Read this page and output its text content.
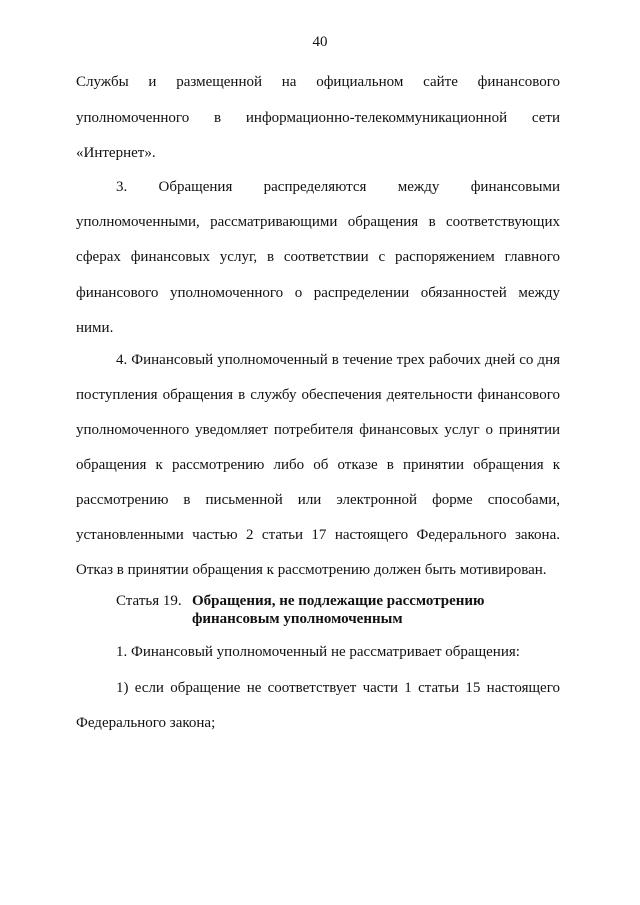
40
Службы и размещенной на официальном сайте финансового
уполномоченного в информационно-телекоммуникационной сети
«Интернет».
3. Обращения распределяются между финансовыми
уполномоченными, рассматривающими обращения в соответствующих
сферах финансовых услуг, в соответствии с распоряжением главного
финансового уполномоченного о распределении обязанностей между
ними.
4. Финансовый уполномоченный в течение трех рабочих дней со дня
поступления обращения в службу обеспечения деятельности финансового
уполномоченного уведомляет потребителя финансовых услуг о принятии
обращения к рассмотрению либо об отказе в принятии обращения к
рассмотрению в письменной или электронной форме способами,
установленными частью 2 статьи 17 настоящего Федерального закона.
Отказ в принятии обращения к рассмотрению должен быть мотивирован.
Статья 19. Обращения, не подлежащие рассмотрению
финансовым уполномоченным
1. Финансовый уполномоченный не рассматривает обращения:
1) если обращение не соответствует части 1 статьи 15 настоящего
Федерального закона;
